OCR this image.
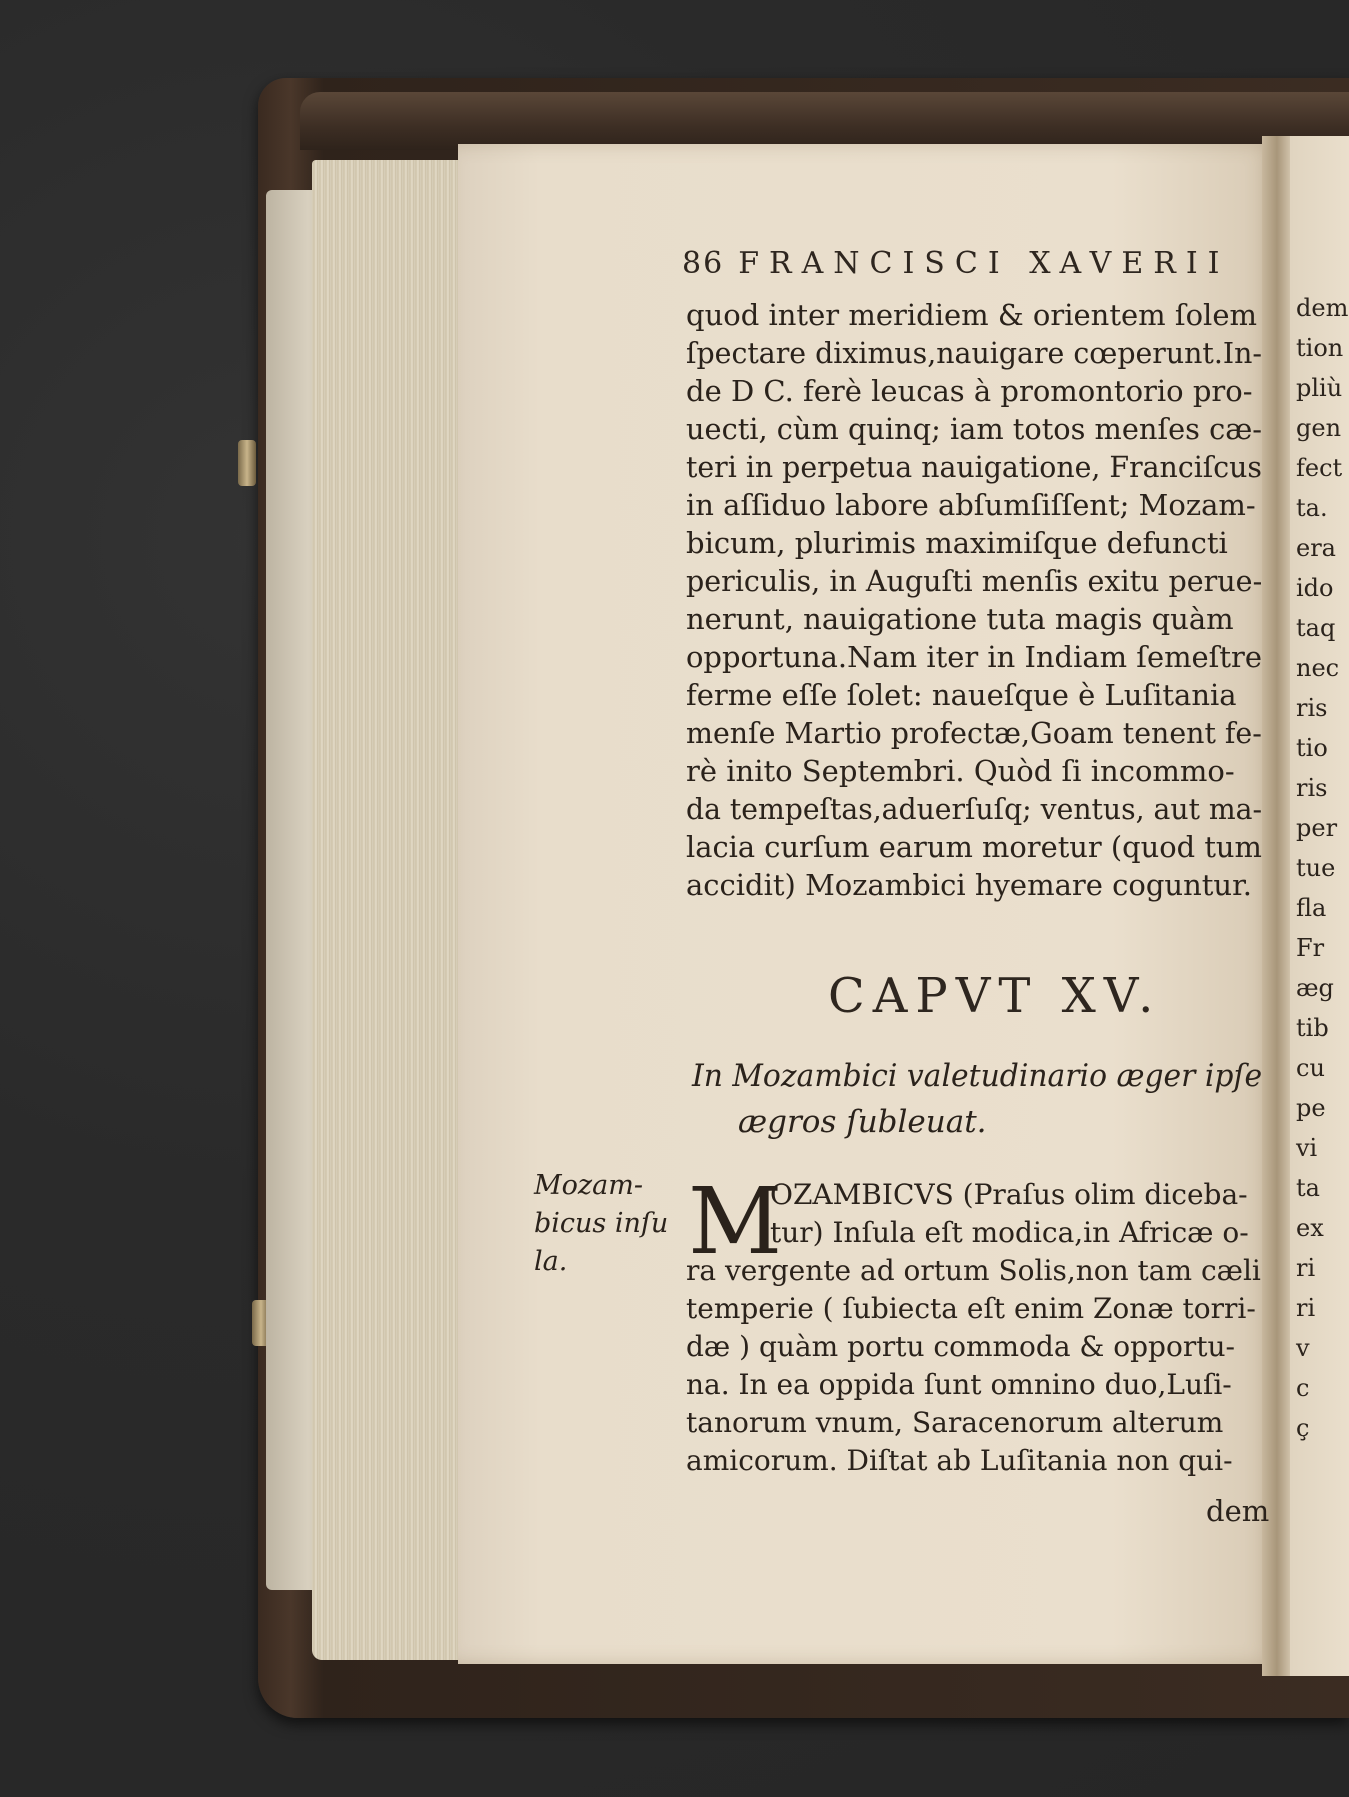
dem
tion
pliù
gen
fect
ta.
era
ido
taq
nec
ris
tio
ris
per
tue
fla
Fr
æg
tib
cu
pe
vi
ta
ex
ri
ri
v
c
ç
86 FRANCISCI XAVERII
quod inter meridiem & orientem ſolem
ſpectare diximus,nauigare cœperunt.In-
de D C. ferè leucas à promontorio pro-
uecti, cùm quinq; iam totos menſes cæ-
teri in perpetua nauigatione, Franciſcus
in aſſiduo labore abſumſiſſent; Mozam-
bicum, plurimis maximiſque defuncti
periculis, in Auguſti menſis exitu perue-
nerunt, nauigatione tuta magis quàm
opportuna.Nam iter in Indiam ſemeſtre
ferme eſſe ſolet: naueſque è Luſitania
menſe Martio profectæ,Goam tenent fe-
rè inito Septembri. Quòd ſi incommo-
da tempeſtas,aduerſuſq; ventus, aut ma-
lacia curſum earum moretur (quod tum
accidit) Mozambici hyemare coguntur.
CAPVT XV.
In Mozambici valetudinario æger ipſe
ægros ſubleuat.
Mozam-
bicus inſu
la. M
OZAMBICVS (Praſus olim diceba-
tur) Inſula eſt modica,in Africæ o-
ra vergente ad ortum Solis,non tam cæli
temperie ( ſubiecta eſt enim Zonæ torri-
dæ ) quàm portu commoda & opportu-
na. In ea oppida ſunt omnino duo,Luſi-
tanorum vnum, Saracenorum alterum
amicorum. Diſtat ab Luſitania non qui-
dem
